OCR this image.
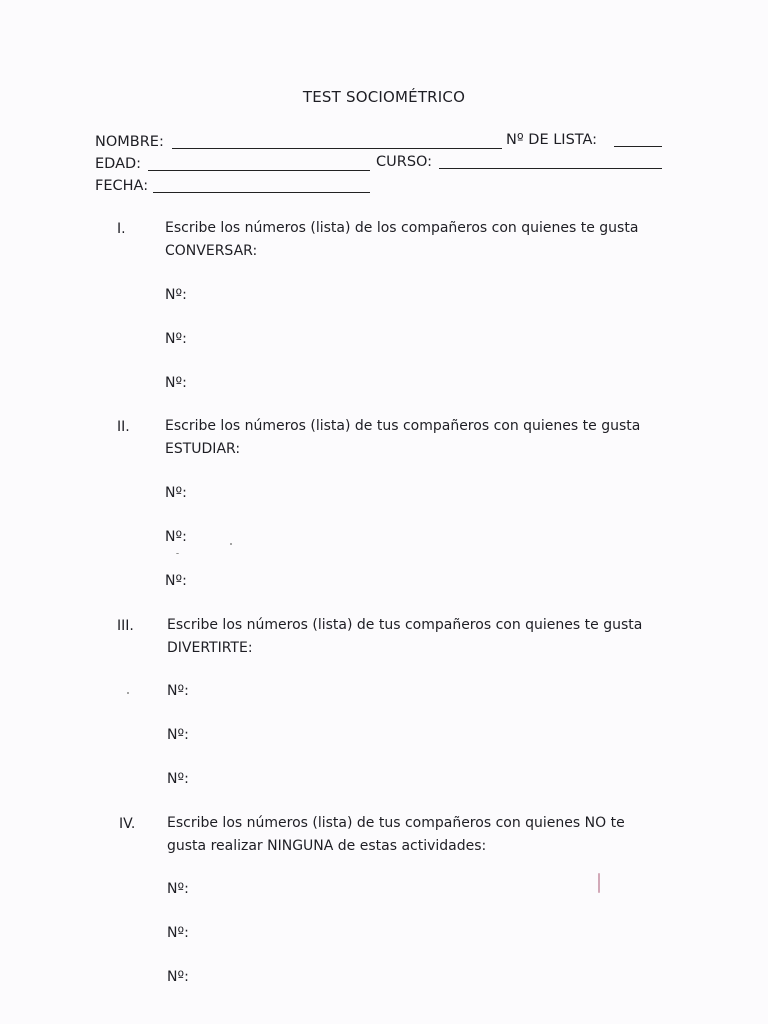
TEST SOCIOMÉTRICO
NOMBRE:	Nº DE LISTA:
EDAD:	CURSO:
FECHA:
I.	Escribe los números (lista) de los compañeros con quienes te gusta
CONVERSAR:
Nº:
Nº:
Nº:
II.	Escribe los números (lista) de tus compañeros con quienes te gusta
ESTUDIAR:
Nº:
Nº:
Nº:
III. Escribe los números (lista) de tus compañeros con quienes te gusta
DIVERTIRTE:
Nº:
Nº:
Nº:
IV. Escribe los números (lista) de tus compañeros con quienes NO te
gusta realizar NINGUNA de estas actividades:
Nº:
Nº:
Nº:
